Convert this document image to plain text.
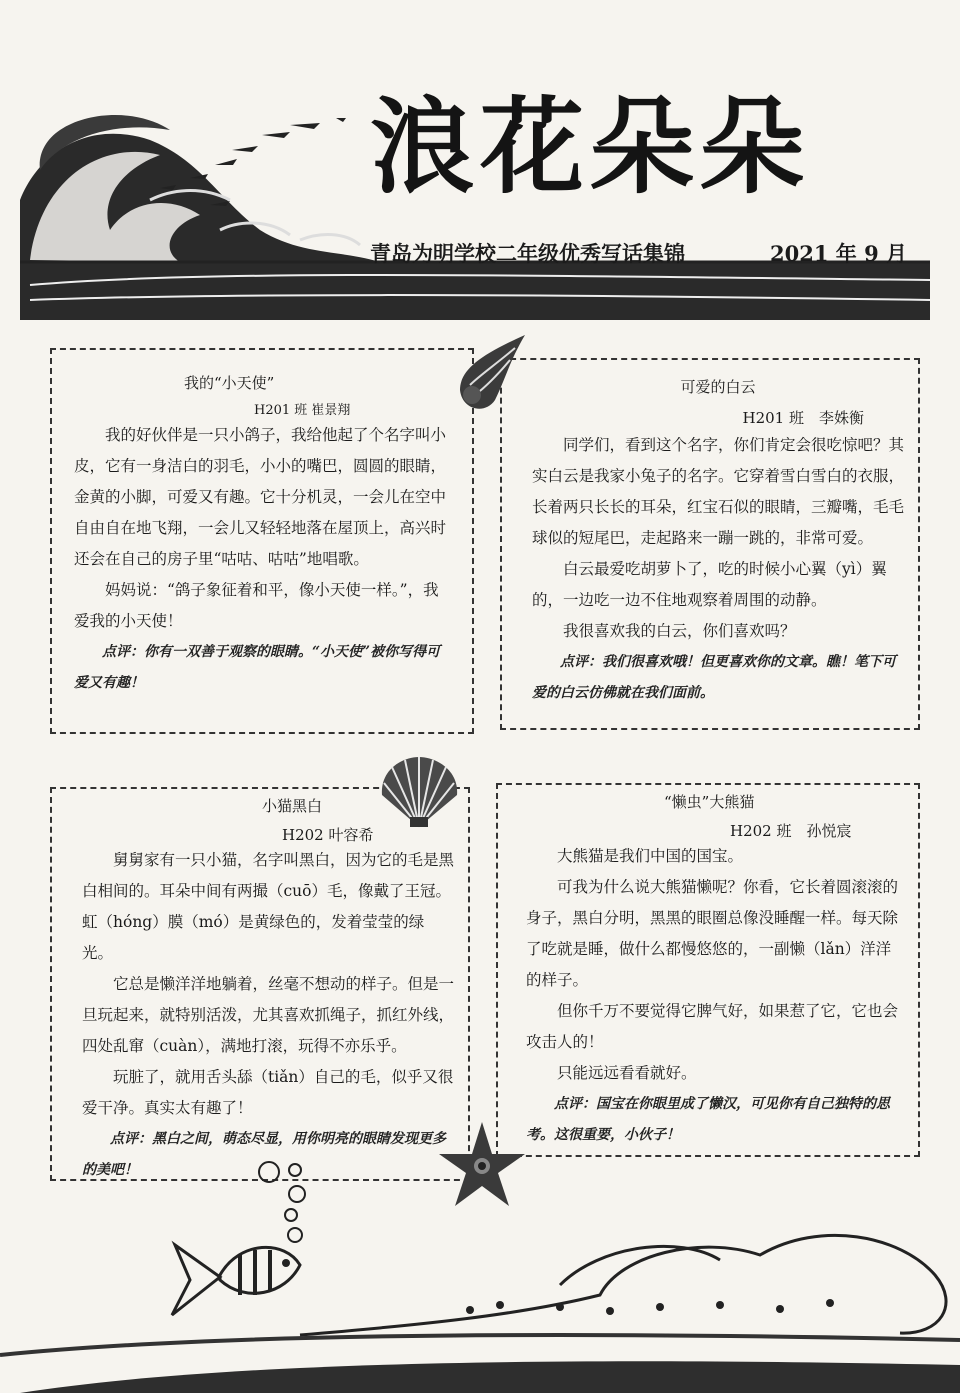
浪花朵朵
青岛为明学校二年级优秀写话集锦	2021 年 9 月

我的“小天使”

H201 班 崔景翔

我的好伙伴是一只小鸽子，我给他起了个名字叫小皮，它有一身洁白的羽毛，小小的嘴巴，圆圆的眼睛，金黄的小脚，可爱又有趣。它十分机灵，一会儿在空中自由自在地飞翔，一会儿又轻轻地落在屋顶上，高兴时还会在自己的房子里“咕咕、咕咕”地唱歌。

妈妈说：“鸽子象征着和平，像小天使一样。”，我爱我的小天使！

点评：你有一双善于观察的眼睛。“小天使”被你写得可爱又有趣！

可爱的白云

H201 班　李姝衡

同学们，看到这个名字，你们肯定会很吃惊吧？其实白云是我家小兔子的名字。它穿着雪白雪白的衣服，长着两只长长的耳朵，红宝石似的眼睛，三瓣嘴，毛毛球似的短尾巴，走起路来一蹦一跳的，非常可爱。

白云最爱吃胡萝卜了，吃的时候小心翼（yì）翼的，一边吃一边不住地观察着周围的动静。

我很喜欢我的白云，你们喜欢吗？

点评：我们很喜欢哦！但更喜欢你的文章。瞧！笔下可爱的白云仿佛就在我们面前。

小猫黑白

H202 叶容希

舅舅家有一只小猫，名字叫黑白，因为它的毛是黑白相间的。耳朵中间有两撮（cuō）毛，像戴了王冠。虹（hóng）膜（mó）是黄绿色的，发着莹莹的绿光。

它总是懒洋洋地躺着，丝毫不想动的样子。但是一旦玩起来，就特别活泼，尤其喜欢抓绳子，抓红外线，四处乱窜（cuàn），满地打滚，玩得不亦乐乎。

玩脏了，就用舌头舔（tiǎn）自己的毛，似乎又很爱干净。真实太有趣了！

点评：黑白之间，萌态尽显，用你明亮的眼睛发现更多的美吧！

“懒虫”大熊猫

H202 班　孙悦宸

大熊猫是我们中国的国宝。

可我为什么说大熊猫懒呢？你看，它长着圆滚滚的身子，黑白分明，黑黑的眼圈总像没睡醒一样。每天除了吃就是睡，做什么都慢悠悠的，一副懒（lǎn）洋洋的样子。

但你千万不要觉得它脾气好，如果惹了它，它也会攻击人的！

只能远远看看就好。

点评：国宝在你眼里成了懒汉，可见你有自己独特的思考。这很重要，小伙子！
